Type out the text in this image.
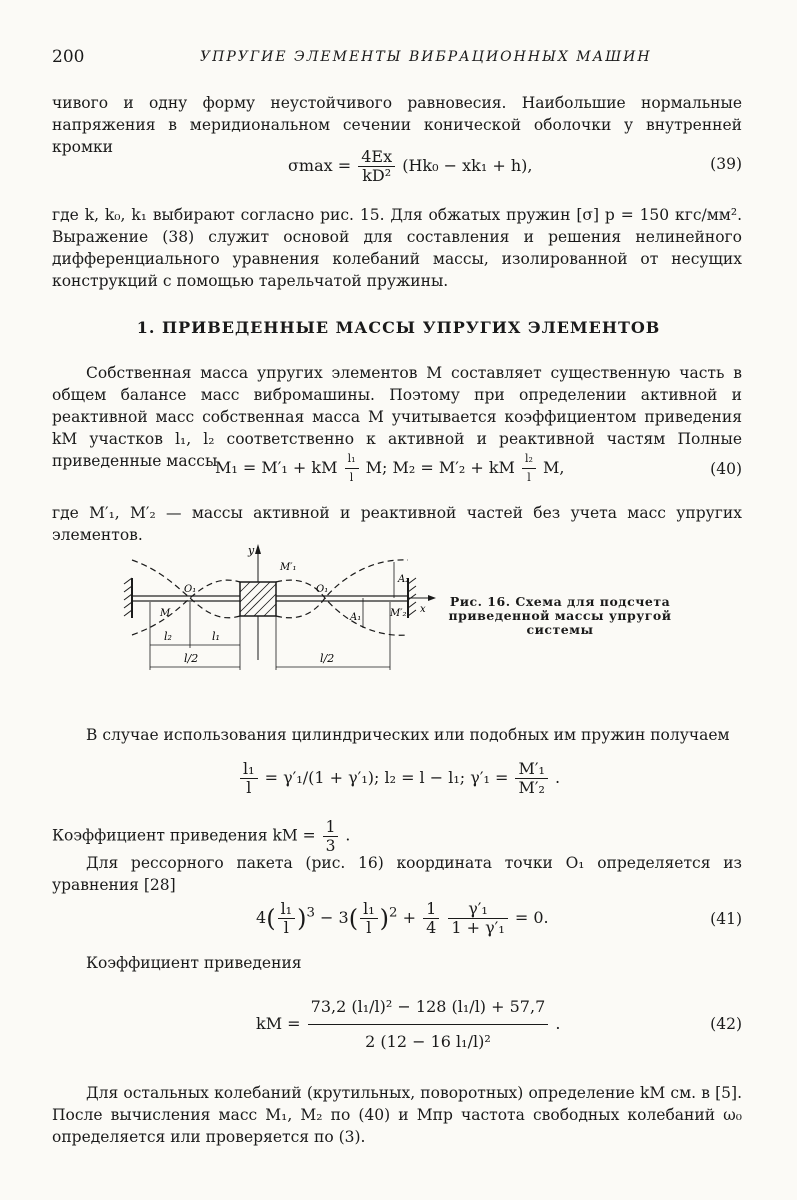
200	УПРУГИЕ ЭЛЕМЕНТЫ ВИБРАЦИОННЫХ МАШИН
чивого и одну форму неустойчивого равновесия. Наибольшие нормальные напряжения в меридиональном сечении конической оболочки у внутренней кромки
$\sigma\max = \frac{4Ex}{\text{kD²}} (Hk_0 - xk_1 + h)$,	(39)
где k, k₀, k₁ выбирают согласно рис. 15. Для обжатых пружин [σ] p = 150 кгс/мм². Выражение (38) служит основой для составления и решения нелинейного дифференциального уравнения колебаний массы, изолированной от несущих конструкций с помощью тарельчатой пружины.
1. ПРИВЕДЕННЫЕ МАССЫ УПРУГИХ ЭЛЕМЕНТОВ
Собственная масса упругих элементов M составляет существенную часть в общем балансе масс вибромашины. Поэтому при определении активной и реактивной масс собственная масса M учитывается коэффициентом приведения kM участков l₁, l₂ соответственно к активной и реактивной частям Полные приведенные массы
M₁ = M′₁ + kM $\frac{\text{l₁}}{l} M$; M₂ = M′₂ + kM $\frac{\text{l₂}}{l} M$,	(40)
где M′₁, M′₂ — массы активной и реактивной частей без учета масс упругих элементов.
y
M′₁
O₁	O₁
M	M′₂ x
A₁
A₂
l₂	l₁
l/2	l/2
Рис. 16. Схема для подсчета приведенной массы упругой системы
В случае использования цилиндрических или подобных им пружин получаем
$\frac{\text{l₁}}{l} = \gamma'_1/(1 + \gamma'_1)$; l₂ = l − l₁; $\gamma'_1 = \frac{\text{M′₁}}{\text{M′₂}}$ .
Коэффициент приведения kM = $\frac{1}{3}$ .
Для рессорного пакета (рис. 16) координата точки O₁ определяется из уравнения [28]
$4( \frac{\text{l₁}}{l} )^3 - 3( \frac{\text{l₁}}{l} )^2 + \frac{1}{4}$
$\frac{\text{γ′₁}}{\text{1 + γ′₁}} = 0$.	(41)
Коэффициент приведения
kM = $\frac{\text{73,2 (l₁/l)² − 128 (l₁/l) + 57,7}}{\text{2 (12 − 16 l₁/l)²}}$ .	(42)
Для остальных колебаний (крутильных, поворотных) определение kM см. в [5]. После вычисления масс M₁, M₂ по (40) и Mпр частота свободных колебаний ω₀ определяется или проверяется по (3).
